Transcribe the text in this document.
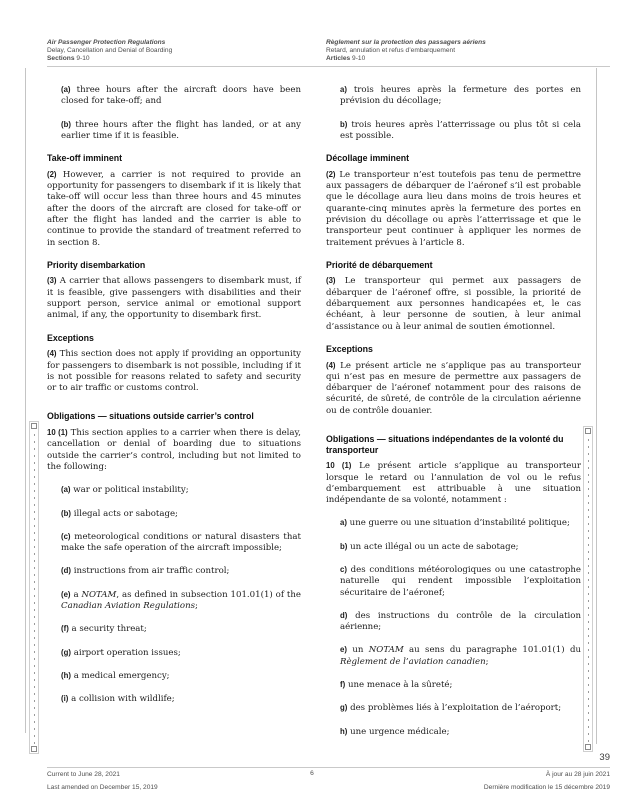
Air Passenger Protection Regulations
Delay, Cancellation and Denial of Boarding
Sections 9-10
Règlement sur la protection des passagers aériens
Retard, annulation et refus d’embarquement
Articles 9-10

(a) three hours after the aircraft doors have been closed for take-off; and

(b) three hours after the flight has landed, or at any earlier time if it is feasible.

Take-off imminent

(2) However, a carrier is not required to provide an opportunity for passengers to disembark if it is likely that take-off will occur less than three hours and 45 minutes after the doors of the aircraft are closed for take-off or after the flight has landed and the carrier is able to continue to provide the standard of treatment referred to in section 8.

Priority disembarkation

(3) A carrier that allows passengers to disembark must, if it is feasible, give passengers with disabilities and their support person, service animal or emotional support animal, if any, the opportunity to disembark first.

Exceptions

(4) This section does not apply if providing an opportunity for passengers to disembark is not possible, including if it is not possible for reasons related to safety and security or to air traffic or customs control.

Obligations — situations outside carrier’s control

10 (1) This section applies to a carrier when there is delay, cancellation or denial of boarding due to situations outside the carrier’s control, including but not limited to the following:

(a) war or political instability;

(b) illegal acts or sabotage;

(c) meteorological conditions or natural disasters that make the safe operation of the aircraft impossible;

(d) instructions from air traffic control;

(e) a NOTAM, as defined in subsection 101.01(1) of the Canadian Aviation Regulations;

(f) a security threat;

(g) airport operation issues;

(h) a medical emergency;

(i) a collision with wildlife;

a) trois heures après la fermeture des portes en prévision du décollage;

b) trois heures après l’atterrissage ou plus tôt si cela est possible.

Décollage imminent

(2) Le transporteur n’est toutefois pas tenu de permettre aux passagers de débarquer de l’aéronef s’il est probable que le décollage aura lieu dans moins de trois heures et quarante-cinq minutes après la fermeture des portes en prévision du décollage ou après l’atterrissage et que le transporteur peut continuer à appliquer les normes de traitement prévues à l’article 8.

Priorité de débarquement

(3) Le transporteur qui permet aux passagers de débarquer de l’aéronef offre, si possible, la priorité de débarquement aux personnes handicapées et, le cas échéant, à leur personne de soutien, à leur animal d’assistance ou à leur animal de soutien émotionnel.

Exceptions

(4) Le présent article ne s’applique pas au transporteur qui n’est pas en mesure de permettre aux passagers de débarquer de l’aéronef notamment pour des raisons de sécurité, de sûreté, de contrôle de la circulation aérienne ou de contrôle douanier.

Obligations — situations indépendantes de la volonté du transporteur

10 (1) Le présent article s’applique au transporteur lorsque le retard ou l’annulation de vol ou le refus d’embarquement est attribuable à une situation indépendante de sa volonté, notamment :

a) une guerre ou une situation d’instabilité politique;

b) un acte illégal ou un acte de sabotage;

c) des conditions météorologiques ou une catastrophe naturelle qui rendent impossible l’exploitation sécuritaire de l’aéronef;

d) des instructions du contrôle de la circulation aérienne;

e) un NOTAM au sens du paragraphe 101.01(1) du Règlement de l’aviation canadien;

f) une menace à la sûreté;

g) des problèmes liés à l’exploitation de l’aéroport;

h) une urgence médicale;

39
Current to June 28, 2021
Last amended on December 15, 2019
6	À jour au 28 juin 2021
Dernière modification le 15 décembre 2019
